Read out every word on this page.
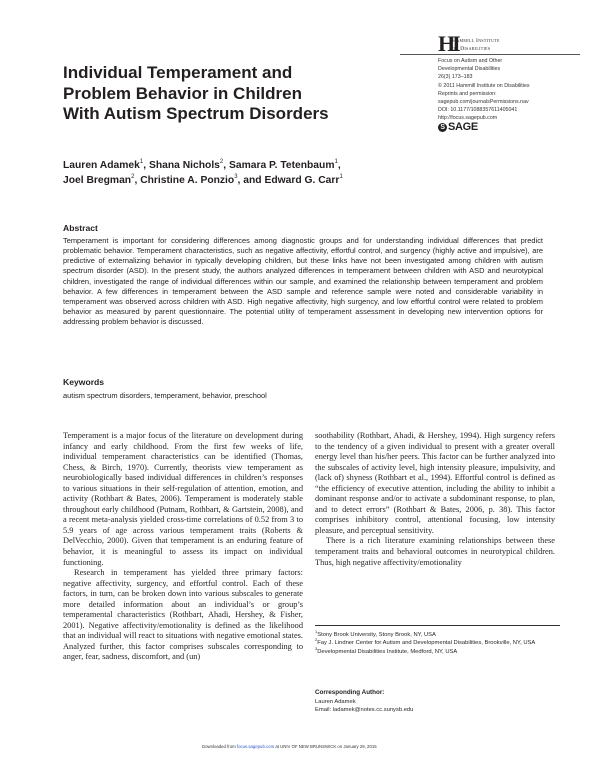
HI
Hammill Institute
on Disabilities
Focus on Autism and Other
Developmental Disabilities
26(3) 173–183
© 2011 Hammill Institute on Disabilities
Reprints and permission:
sagepub.com/journalsPermissions.nav
DOI: 10.1177/1088357611405041
http://focus.sagepub.com
S SAGE
Individual Temperament and
Problem Behavior in Children
With Autism Spectrum Disorders
Lauren Adamek$^1$, Shana Nichols$^2$, Samara P. Tetenbaum$^1$,
Joel Bregman$^2$, Christine A. Ponzio$^3$, and Edward G. Carr$^1$
Abstract
Temperament is important for considering differences among diagnostic groups and for understanding individual differences that predict problematic behavior. Temperament characteristics, such as negative affectivity, effortful control, and surgency (highly active and impulsive), are predictive of externalizing behavior in typically developing children, but these links have not been investigated among children with autism spectrum disorder (ASD). In the present study, the authors analyzed differences in temperament between children with ASD and neurotypical children, investigated the range of individual differences within our sample, and examined the relationship between temperament and problem behavior. A few differences in temperament between the ASD sample and reference sample were noted and considerable variability in temperament was observed across children with ASD. High negative affectivity, high surgency, and low effortful control were related to problem behavior as measured by parent questionnaire. The potential utility of temperament assessment in developing new intervention options for addressing problem behavior is discussed.
Keywords
autism spectrum disorders, temperament, behavior, preschool

Temperament is a major focus of the literature on development during infancy and early childhood. From the first few weeks of life, individual temperament characteristics can be identified (Thomas, Chess, & Birch, 1970). Currently, theorists view temperament as neurobiologically based individual differences in children’s responses to various situations in their self-regulation of attention, emotion, and activity (Rothbart & Bates, 2006). Temperament is moderately stable throughout early childhood (Putnam, Rothbart, & Gartstein, 2008), and a recent meta-analysis yielded cross-time correlations of 0.52 from 3 to 5.9 years of age across various temperament traits (Roberts & DelVecchio, 2000). Given that temperament is an enduring feature of behavior, it is meaningful to assess its impact on individual functioning.

Research in temperament has yielded three primary factors: negative affectivity, surgency, and effortful control. Each of these factors, in turn, can be broken down into various subscales to generate more detailed information about an individual’s or group’s temperamental characteristics (Rothbart, Ahadi, Hershey, & Fisher, 2001). Negative affectivity/emotionality is defined as the likelihood that an individual will react to situations with negative emotional states. Analyzed further, this factor comprises subscales corresponding to anger, fear, sadness, discomfort, and (un)

soothability (Rothbart, Ahadi, & Hershey, 1994). High surgency refers to the tendency of a given individual to present with a greater overall energy level than his/her peers. This factor can be further analyzed into the subscales of activity level, high intensity pleasure, impulsivity, and (lack of) shyness (Rothbart et al., 1994). Effortful control is defined as “the efficiency of executive attention, including the ability to inhibit a dominant response and/or to activate a subdominant response, to plan, and to detect errors” (Rothbart & Bates, 2006, p. 38). This factor comprises inhibitory control, attentional focusing, low intensity pleasure, and perceptual sensitivity.

There is a rich literature examining relationships between these temperament traits and behavioral outcomes in neurotypical children. Thus, high negative affectivity/emotionality

$^1$Stony Brook University, Stony Brook, NY, USA
$^2$Fay J. Lindner Center for Autism and Developmental Disabilities, Brookville, NY, USA
$^3$Developmental Disabilities Institute, Medford, NY, USA
Corresponding Author:
Lauren Adamek
Email: ladamek@notes.cc.sunysb.edu
Downloaded from focus.sagepub.com at UNIV OF NEW BRUNSWICK on January 29, 2015
